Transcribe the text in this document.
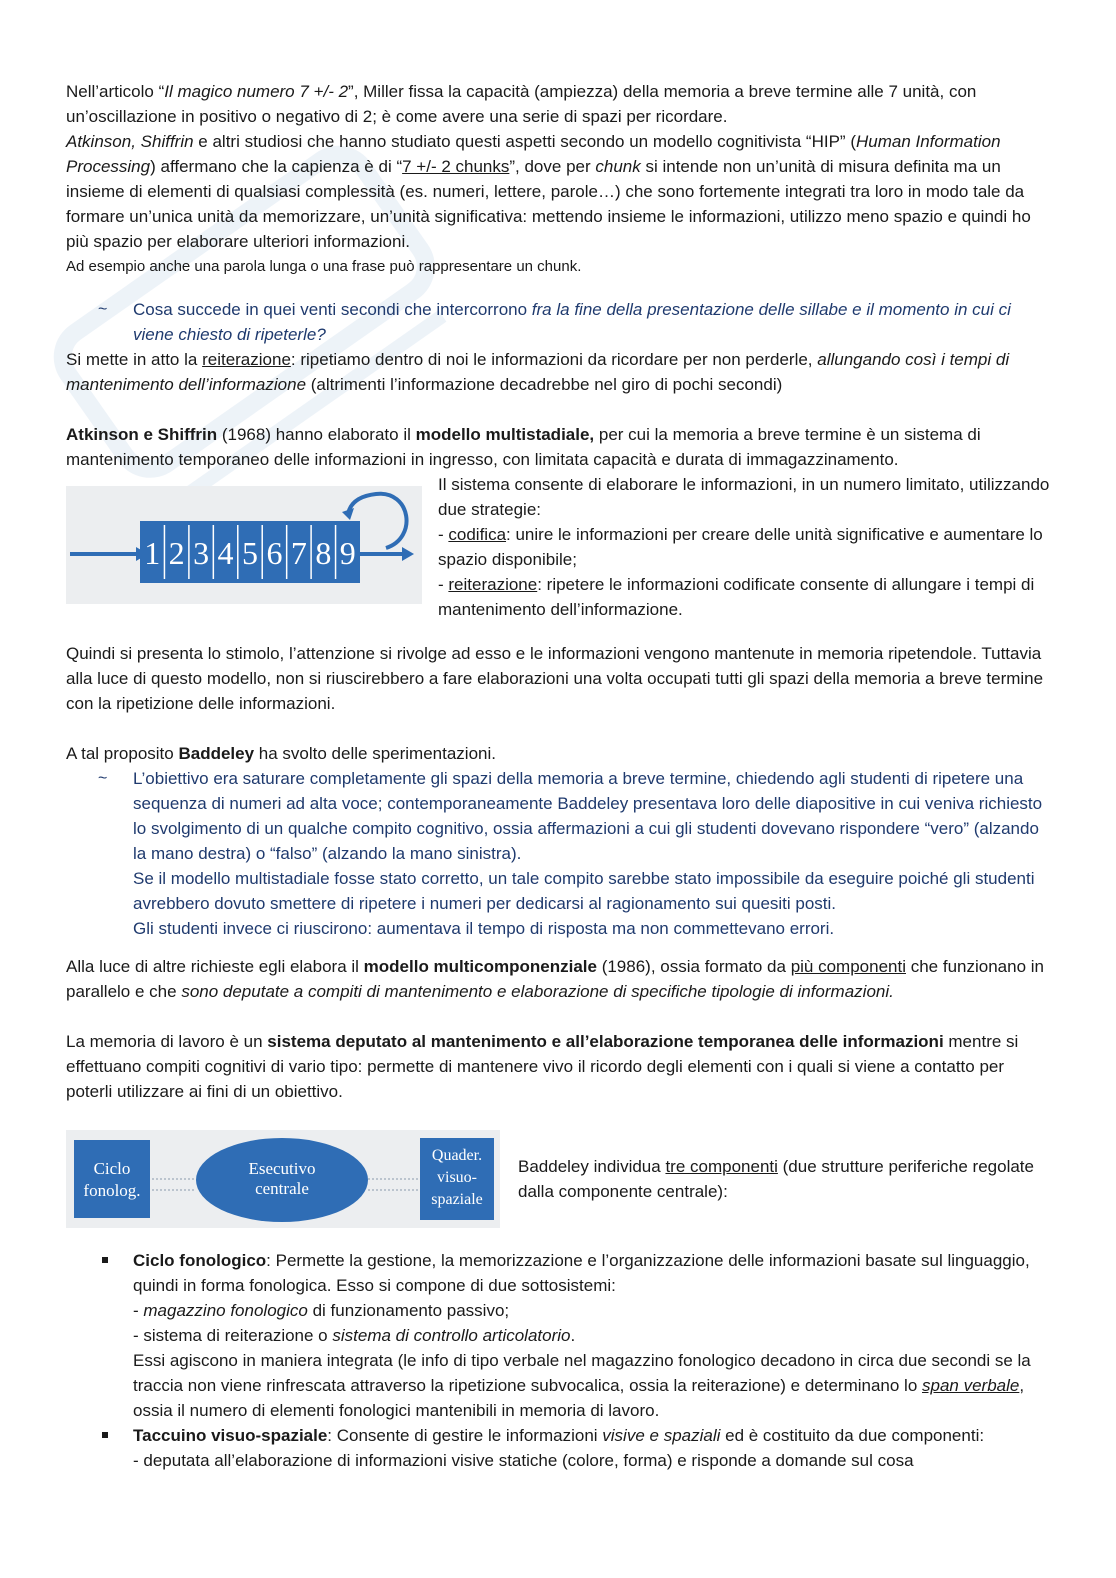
Nell’articolo “Il magico numero 7 +/- 2”, Miller fissa la capacità (ampiezza) della memoria a breve termine alle 7 unità, con un’oscillazione in positivo o negativo di 2; è come avere una serie di spazi per ricordare.

Atkinson, Shiffrin e altri studiosi che hanno studiato questi aspetti secondo un modello cognitivista “HIP” (Human Information Processing) affermano che la capienza è di “7 +/- 2 chunks”, dove per chunk si intende non un’unità di misura definita ma un insieme di elementi di qualsiasi complessità (es. numeri, lettere, parole…) che sono fortemente integrati tra loro in modo tale da formare un’unica unità da memorizzare, un’unità significativa: mettendo insieme le informazioni, utilizzo meno spazio e quindi ho più spazio per elaborare ulteriori informazioni.

Ad esempio anche una parola lunga o una frase può rappresentare un chunk.

~ Cosa succede in quei venti secondi che intercorrono fra la fine della presentazione delle sillabe e il momento in cui ci viene chiesto di ripeterle?

Si mette in atto la reiterazione: ripetiamo dentro di noi le informazioni da ricordare per non perderle, allungando così i tempi di mantenimento dell’informazione (altrimenti l’informazione decadrebbe nel giro di pochi secondi)

Atkinson e Shiffrin (1968) hanno elaborato il modello multistadiale, per cui la memoria a breve termine è un sistema di mantenimento temporaneo delle informazioni in ingresso, con limitata capacità e durata di immagazzinamento.

1 2 3 4 5 6 7 8 9
Il sistema consente di elaborare le informazioni, in un numero limitato, utilizzando due strategie:
- codifica: unire le informazioni per creare delle unità significative e aumentare lo spazio disponibile;
- reiterazione: ripetere le informazioni codificate consente di allungare i tempi di mantenimento dell’informazione.

Quindi si presenta lo stimolo, l’attenzione si rivolge ad esso e le informazioni vengono mantenute in memoria ripetendole. Tuttavia alla luce di questo modello, non si riuscirebbero a fare elaborazioni una volta occupati tutti gli spazi della memoria a breve termine con la ripetizione delle informazioni.

A tal proposito Baddeley ha svolto delle sperimentazioni.

~ L’obiettivo era saturare completamente gli spazi della memoria a breve termine, chiedendo agli studenti di ripetere una sequenza di numeri ad alta voce; contemporaneamente Baddeley presentava loro delle diapositive in cui veniva richiesto lo svolgimento di un qualche compito cognitivo, ossia affermazioni a cui gli studenti dovevano rispondere “vero” (alzando la mano destra) o “falso” (alzando la mano sinistra).
Se il modello multistadiale fosse stato corretto, un tale compito sarebbe stato impossibile da eseguire poiché gli studenti avrebbero dovuto smettere di ripetere i numeri per dedicarsi al ragionamento sui quesiti posti.
Gli studenti invece ci riuscirono: aumentava il tempo di risposta ma non commettevano errori.

Alla luce di altre richieste egli elabora il modello multicomponenziale (1986), ossia formato da più componenti che funzionano in parallelo e che sono deputate a compiti di mantenimento e elaborazione di specifiche tipologie di informazioni.

La memoria di lavoro è un sistema deputato al mantenimento e all’elaborazione temporanea delle informazioni mentre si effettuano compiti cognitivi di vario tipo: permette di mantenere vivo il ricordo degli elementi con i quali si viene a contatto per poterli utilizzare ai fini di un obiettivo.

Ciclo
fonolog.
Esecutivo
centrale
Quader.
visuo-
spaziale
Baddeley individua tre componenti (due strutture periferiche regolate dalla componente centrale):
Ciclo fonologico: Permette la gestione, la memorizzazione e l’organizzazione delle informazioni basate sul linguaggio, quindi in forma fonologica. Esso si compone di due sottosistemi:
- magazzino fonologico di funzionamento passivo;
- sistema di reiterazione o sistema di controllo articolatorio.
Essi agiscono in maniera integrata (le info di tipo verbale nel magazzino fonologico decadono in circa due secondi se la traccia non viene rinfrescata attraverso la ripetizione subvocalica, ossia la reiterazione) e determinano lo span verbale, ossia il numero di elementi fonologici mantenibili in memoria di lavoro.
Taccuino visuo-spaziale: Consente di gestire le informazioni visive e spaziali ed è costituito da due componenti:
- deputata all’elaborazione di informazioni visive statiche (colore, forma) e risponde a domande sul cosa
